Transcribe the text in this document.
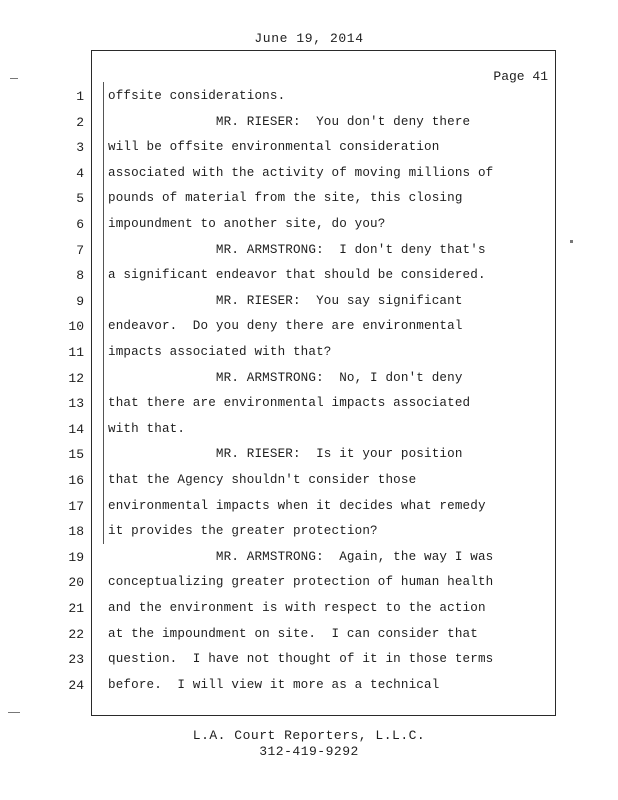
June 19, 2014
Page 41
1 offsite considerations.
2 MR. RIESER:  You don't deny there
3 will be offsite environmental consideration
4 associated with the activity of moving millions of
5 pounds of material from the site, this closing
6 impoundment to another site, do you?
7 MR. ARMSTRONG:  I don't deny that's
8 a significant endeavor that should be considered.
9 MR. RIESER:  You say significant
10 endeavor.  Do you deny there are environmental
11 impacts associated with that?
12 MR. ARMSTRONG:  No, I don't deny
13 that there are environmental impacts associated
14 with that.
15 MR. RIESER:  Is it your position
16 that the Agency shouldn't consider those
17 environmental impacts when it decides what remedy
18 it provides the greater protection?
19 MR. ARMSTRONG:  Again, the way I was
20 conceptualizing greater protection of human health
21 and the environment is with respect to the action
22 at the impoundment on site.  I can consider that
23 question.  I have not thought of it in those terms
24 before.  I will view it more as a technical
L.A. Court Reporters, L.L.C.
312-419-9292
